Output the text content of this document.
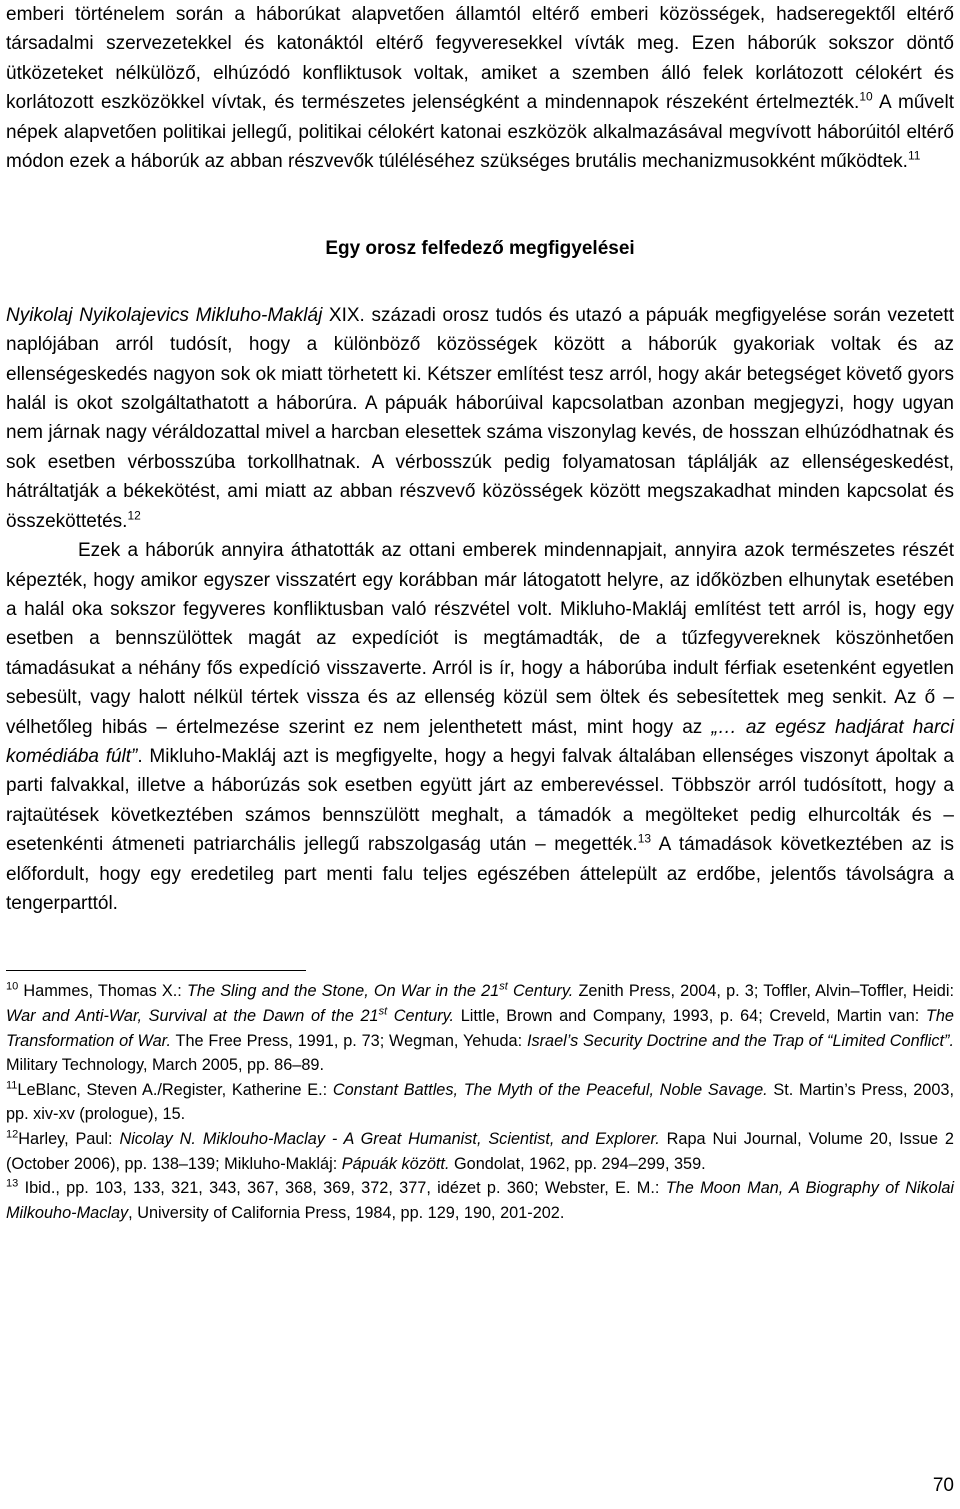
emberi történelem során a háborúkat alapvetően államtól eltérő emberi közösségek, hadseregektől eltérő társadalmi szervezetekkel és katonáktól eltérő fegyveresekkel vívták meg. Ezen háborúk sokszor döntő ütközeteket nélkülöző, elhúzódó konfliktusok voltak, amiket a szemben álló felek korlátozott célokért és korlátozott eszközökkel vívtak, és természetes jelenségként a mindennapok részeként értelmezték.$^{10}$ A művelt népek alapvetően politikai jellegű, politikai célokért katonai eszközök alkalmazásával megvívott háborúitól eltérő módon ezek a háborúk az abban részvevők túléléséhez szükséges brutális mechanizmusokként működtek.$^{11}$

Egy orosz felfedező megfigyelései

Nyikolaj Nyikolajevics Mikluho-Makláj XIX. századi orosz tudós és utazó a pápuák megfigyelése során vezetett naplójában arról tudósít, hogy a különböző közösségek között a háborúk gyakoriak voltak és az ellenségeskedés nagyon sok ok miatt törhetett ki. Kétszer említést tesz arról, hogy akár betegséget követő gyors halál is okot szolgáltathatott a háborúra. A pápuák háborúival kapcsolatban azonban megjegyzi, hogy ugyan nem járnak nagy véráldozattal mivel a harcban elesettek száma viszonylag kevés, de hosszan elhúzódhatnak és sok esetben vérbosszúba torkollhatnak. A vérbosszúk pedig folyamatosan táplálják az ellenségeskedést, hátráltatják a békekötést, ami miatt az abban részvevő közösségek között megszakadhat minden kapcsolat és összeköttetés.$^{12}$

Ezek a háborúk annyira áthatották az ottani emberek mindennapjait, annyira azok természetes részét képezték, hogy amikor egyszer visszatért egy korábban már látogatott helyre, az időközben elhunytak esetében a halál oka sokszor fegyveres konfliktusban való részvétel volt. Mikluho-Makláj említést tett arról is, hogy egy esetben a bennszülöttek magát az expedíciót is megtámadták, de a tűzfegyvereknek köszönhetően támadásukat a néhány fős expedíció visszaverte. Arról is ír, hogy a háborúba indult férfiak esetenként egyetlen sebesült, vagy halott nélkül tértek vissza és az ellenség közül sem öltek és sebesítettek meg senkit. Az ő – vélhetőleg hibás – értelmezése szerint ez nem jelenthetett mást, mint hogy az „… az egész hadjárat harci komédiába fúlt”. Mikluho-Makláj azt is megfigyelte, hogy a hegyi falvak általában ellenséges viszonyt ápoltak a parti falvakkal, illetve a háborúzás sok esetben együtt járt az emberevéssel. Többször arról tudósított, hogy a rajtaütések következtében számos bennszülött meghalt, a támadók a megölteket pedig elhurcolták és – esetenkénti átmeneti patriarchális jellegű rabszolgaság után – megették.$^{13}$ A támadások következtében az is előfordult, hogy egy eredetileg part menti falu teljes egészében áttelepült az erdőbe, jelentős távolságra a tengerparttól.

$^{10}$ Hammes, Thomas X.: The Sling and the Stone, On War in the 21st Century. Zenith Press, 2004, p. 3; Toffler, Alvin–Toffler, Heidi: War and Anti-War, Survival at the Dawn of the 21st Century. Little, Brown and Company, 1993, p. 64; Creveld, Martin van: The Transformation of War. The Free Press, 1991, p. 73; Wegman, Yehuda: Israel’s Security Doctrine and the Trap of “Limited Conflict”. Military Technology, March 2005, pp. 86–89.

$^{11}$LeBlanc, Steven A./Register, Katherine E.: Constant Battles, The Myth of the Peaceful, Noble Savage. St. Martin’s Press, 2003, pp. xiv-xv (prologue), 15.

$^{12}$Harley, Paul: Nicolay N. Miklouho-Maclay - A Great Humanist, Scientist, and Explorer. Rapa Nui Journal, Volume 20, Issue 2 (October 2006), pp. 138–139; Mikluho-Makláj: Pápuák között. Gondolat, 1962, pp. 294–299, 359.

$^{13}$ Ibid., pp. 103, 133, 321, 343, 367, 368, 369, 372, 377, idézet p. 360; Webster, E. M.: The Moon Man, A Biography of Nikolai Milkouho-Maclay, University of California Press, 1984, pp. 129, 190, 201-202.

70
